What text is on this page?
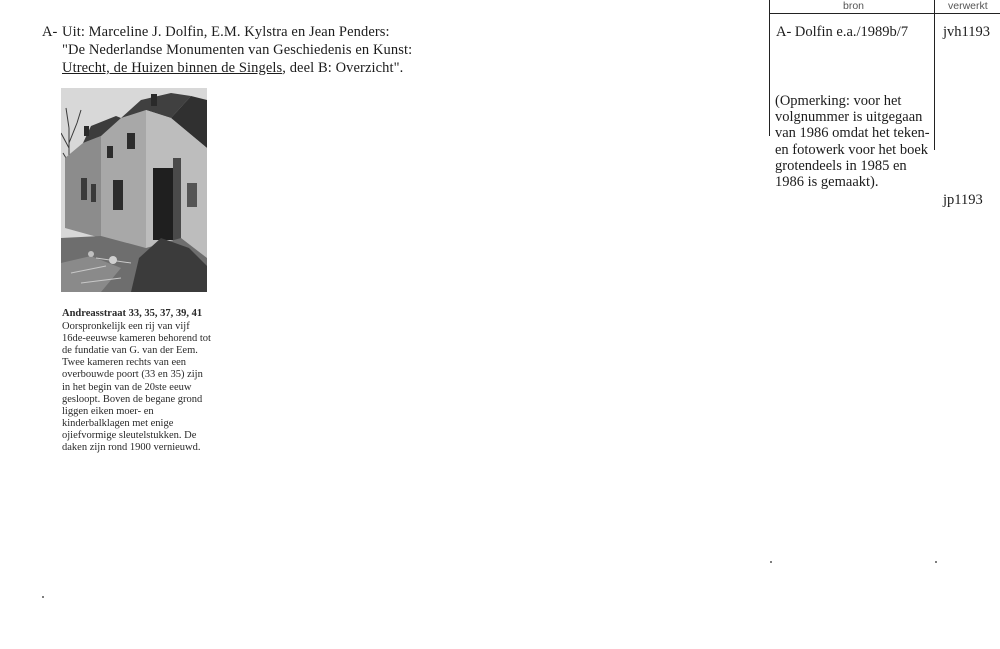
A- Uit: Marceline J. Dolfin, E.M. Kylstra en Jean Penders:
"De Nederlandse Monumenten van Geschiedenis en Kunst:
Utrecht, de Huizen binnen de Singels, deel B: Overzicht".
Andreasstraat 33, 35, 37, 39, 41
Oorspronkelijk een rij van vijf 16de-eeuwse kameren behorend tot de fundatie van G. van der Eem. Twee kameren rechts van een overbouwde poort (33 en 35) zijn in het begin van de 20ste eeuw gesloopt. Boven de begane grond liggen eiken moer- en kinderbalklagen met enige ojiefvormige sleutelstukken. De daken zijn rond 1900 vernieuwd.
bron	verwerkt
A- Dolfin e.a./1989b/7 jvh1193
(Opmerking: voor het volgnummer is uitgegaan van 1986 omdat het teken- en fotowerk voor het boek grotendeels in 1985 en 1986 is gemaakt).
jp1193
